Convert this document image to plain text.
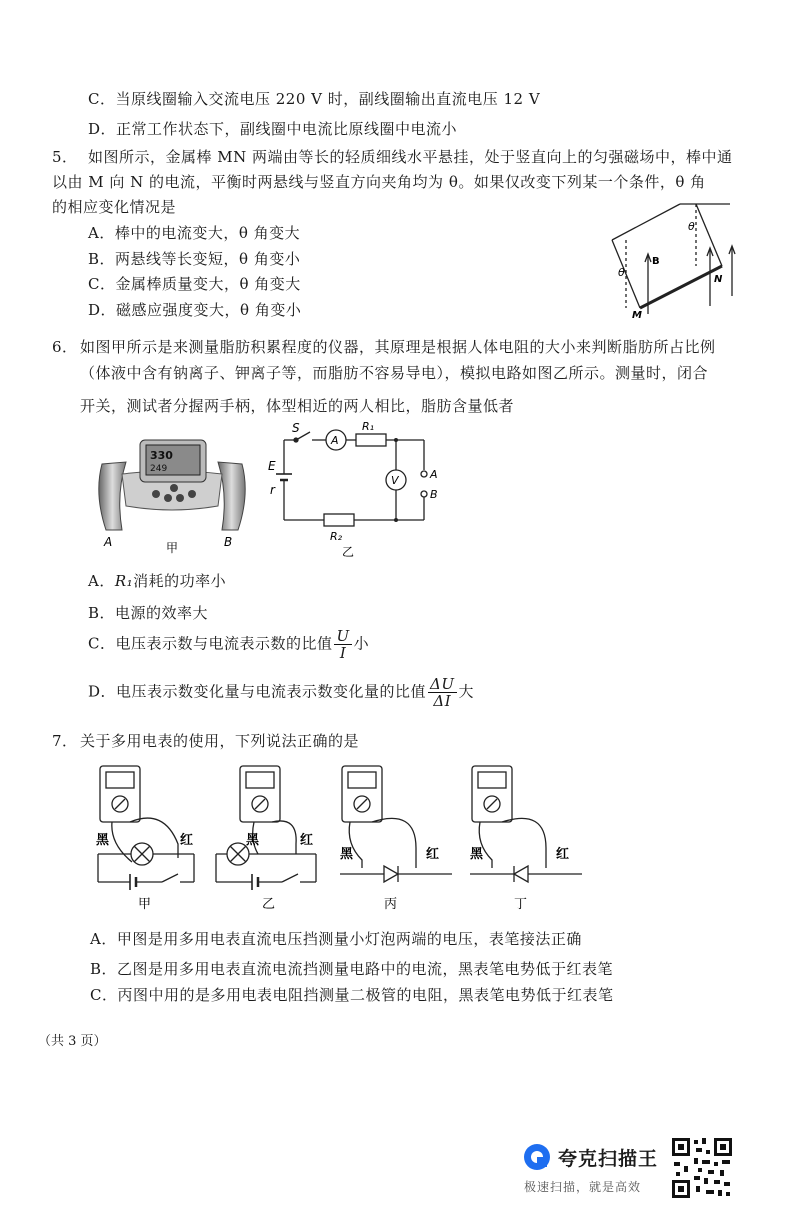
C．当原线圈输入交流电压 220 V 时，副线圈输出直流电压 12 V
D．正常工作状态下，副线圈中电流比原线圈中电流小
5． 如图所示，金属棒 MN 两端由等长的轻质细线水平悬挂，处于竖直向上的匀强磁场中，棒中通
以由 M 向 N 的电流，平衡时两悬线与竖直方向夹角均为 θ。如果仅改变下列某一个条件，θ 角
的相应变化情况是
A．棒中的电流变大，θ 角变大
B．两悬线等长变短，θ 角变小
C．金属棒质量变大，θ 角变大
D．磁感应强度变大，θ 角变小
θ
θ
B
N
M
6． 如图甲所示是来测量脂肪积累程度的仪器，其原理是根据人体电阻的大小来判断脂肪所占比例
（体液中含有钠离子、钾离子等，而脂肪不容易导电），模拟电路如图乙所示。测量时，闭合
开关，测试者分握两手柄，体型相近的两人相比，脂肪含量低者
330
249
A	甲	B
S
A
R₁
V
E
r
A
B
R₂
乙
A．R₁消耗的功率小
B．电源的效率大
C．电压表示数与电流表示数的比值 $\frac{U}{I}$ 小
D．电压表示数变化量与电流表示数变化量的比值 $\frac{\Delta U}{\Delta I}$ 大
7． 关于多用电表的使用，下列说法正确的是
黑	红
甲
黑	红
乙
黑	红
丙
黑	红
丁
A．甲图是用多用电表直流电压挡测量小灯泡两端的电压，表笔接法正确
B．乙图是用多用电表直流电流挡测量电路中的电流，黑表笔电势低于红表笔
C．丙图中用的是多用电表电阻挡测量二极管的电阻，黑表笔电势低于红表笔
（共 3 页）
夸克扫描王
极速扫描，就是高效
